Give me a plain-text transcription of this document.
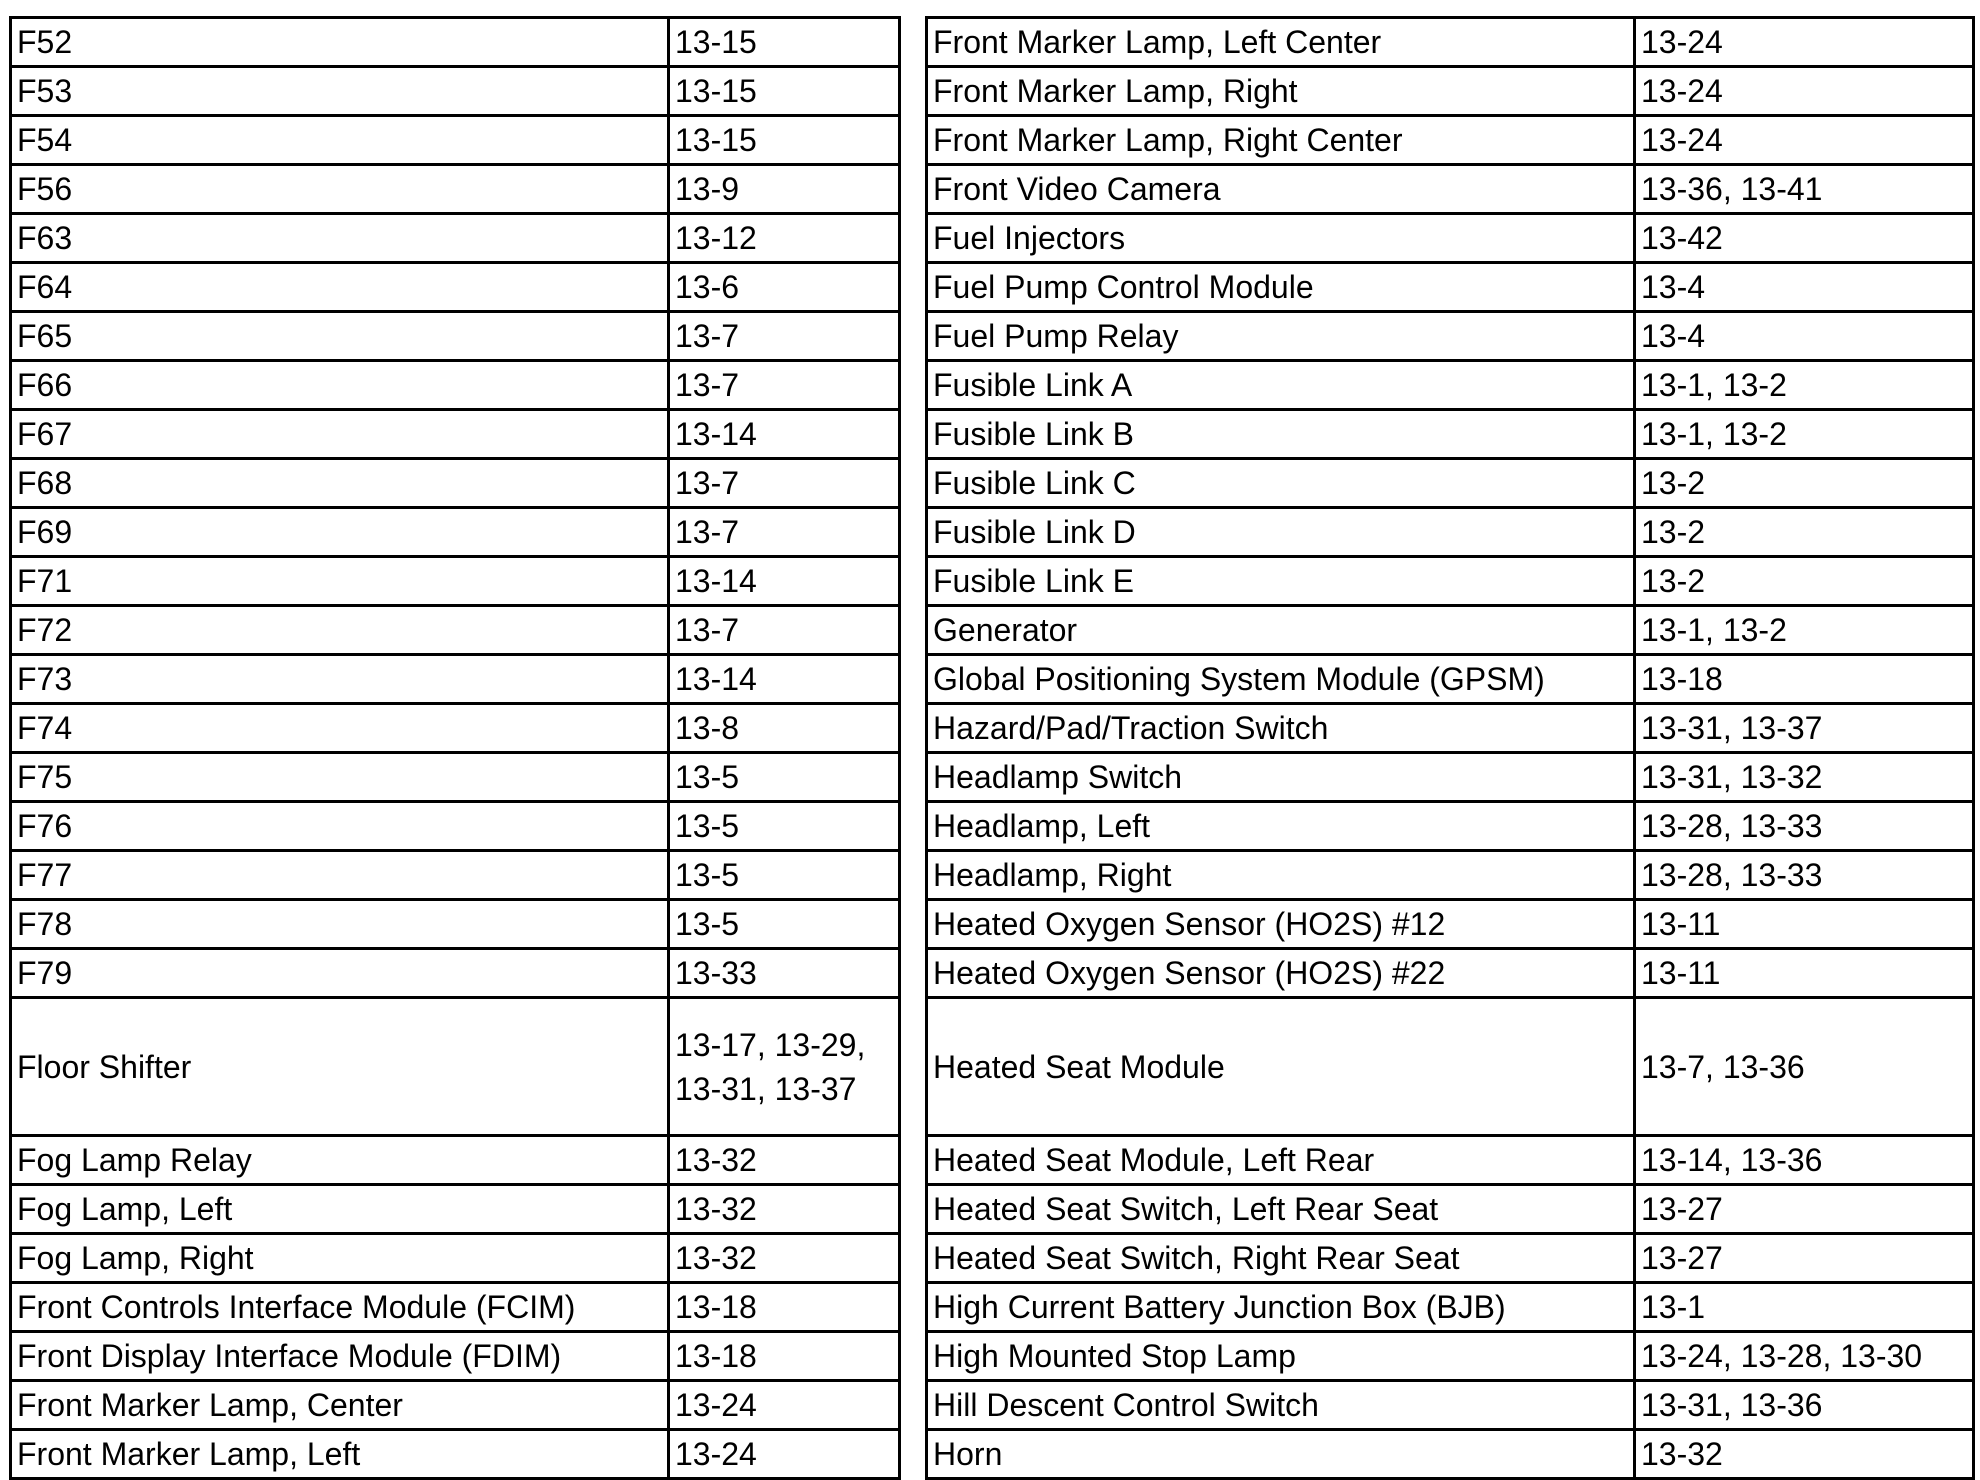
F52	13-15
F53	13-15
F54	13-15
F56	13-9
F63	13-12
F64	13-6
F65	13-7
F66	13-7
F67	13-14
F68	13-7
F69	13-7
F71	13-14
F72	13-7
F73	13-14
F74	13-8
F75	13-5
F76	13-5
F77	13-5
F78	13-5
F79	13-33
Floor Shifter	13-17, 13-29, 13-31, 13-37
Fog Lamp Relay	13-32
Fog Lamp, Left	13-32
Fog Lamp, Right	13-32
Front Controls Interface Module (FCIM)	13-18
Front Display Interface Module (FDIM)	13-18
Front Marker Lamp, Center	13-24
Front Marker Lamp, Left	13-24
Front Marker Lamp, Left Center	13-24
Front Marker Lamp, Right	13-24
Front Marker Lamp, Right Center	13-24
Front Video Camera	13-36, 13-41
Fuel Injectors	13-42
Fuel Pump Control Module	13-4
Fuel Pump Relay	13-4
Fusible Link A	13-1, 13-2
Fusible Link B	13-1, 13-2
Fusible Link C	13-2
Fusible Link D	13-2
Fusible Link E	13-2
Generator	13-1, 13-2
Global Positioning System Module (GPSM)	13-18
Hazard/Pad/Traction Switch	13-31, 13-37
Headlamp Switch	13-31, 13-32
Headlamp, Left	13-28, 13-33
Headlamp, Right	13-28, 13-33
Heated Oxygen Sensor (HO2S) #12	13-11
Heated Oxygen Sensor (HO2S) #22	13-11
Heated Seat Module	13-7, 13-36
Heated Seat Module, Left Rear	13-14, 13-36
Heated Seat Switch, Left Rear Seat	13-27
Heated Seat Switch, Right Rear Seat	13-27
High Current Battery Junction Box (BJB)	13-1
High Mounted Stop Lamp	13-24, 13-28, 13-30
Hill Descent Control Switch	13-31, 13-36
Horn	13-32
